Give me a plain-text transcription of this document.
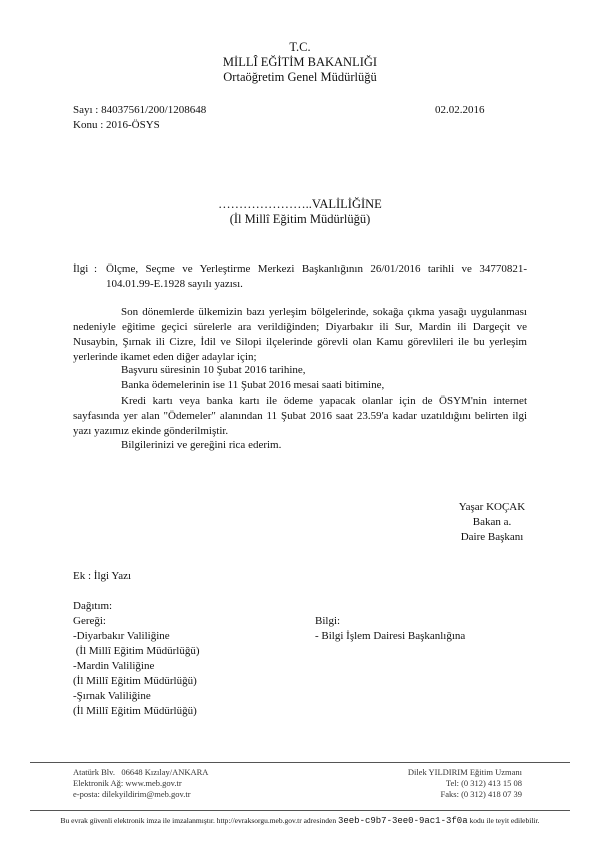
T.C.
MİLLÎ EĞİTİM BAKANLIĞI
Ortaöğretim Genel Müdürlüğü
Sayı : 84037561/200/1208648	02.02.2016
Konu : 2016-ÖSYS
…………………..VALİLİĞİNE
(İl Millî Eğitim Müdürlüğü)
İlgi : Ölçme, Seçme ve Yerleştirme Merkezi Başkanlığının 26/01/2016 tarihli ve 34770821-104.01.99-E.1928 sayılı yazısı.
Son dönemlerde ülkemizin bazı yerleşim bölgelerinde, sokağa çıkma yasağı uygulanması nedeniyle eğitime geçici sürelerle ara verildiğinden; Diyarbakır ili Sur, Mardin ili Dargeçit ve Nusaybin, Şırnak ili Cizre, İdil ve Silopi ilçelerinde görevli olan Kamu görevlileri ile bu yerleşim yerlerinde ikamet eden diğer adaylar için;
Başvuru süresinin 10 Şubat 2016 tarihine,
Banka ödemelerinin ise 11 Şubat 2016 mesai saati bitimine,
Kredi kartı veya banka kartı ile ödeme yapacak olanlar için de ÖSYM'nin internet sayfasında yer alan "Ödemeler" alanından 11 Şubat 2016 saat 23.59'a kadar uzatıldığını belirten ilgi yazı yazımız ekinde gönderilmiştir.
Bilgilerinizi ve gereğini rica ederim.
Yaşar KOÇAK
Bakan a.
Daire Başkanı
Ek : İlgi Yazı
Dağıtım:
Gereği:
-Diyarbakır Valiliğine
(İl Millî Eğitim Müdürlüğü)
-Mardin Valiliğine
(İl Millî Eğitim Müdürlüğü)
-Şırnak Valiliğine
(İl Millî Eğitim Müdürlüğü)
Bilgi:
- Bilgi İşlem Dairesi Başkanlığına
Atatürk Blv.   06648 Kızılay/ANKARA
Elektronik Ağ: www.meb.gov.tr
e-posta: dilekyildirim@meb.gov.tr
Dilek YILDIRIM Eğitim Uzmanı
Tel: (0 312) 413 15 08
Faks: (0 312) 418 07 39
Bu evrak güvenli elektronik imza ile imzalanmıştır. http://evraksorgu.meb.gov.tr adresinden 3eeb-c9b7-3ee0-9ac1-3f0a kodu ile teyit edilebilir.
